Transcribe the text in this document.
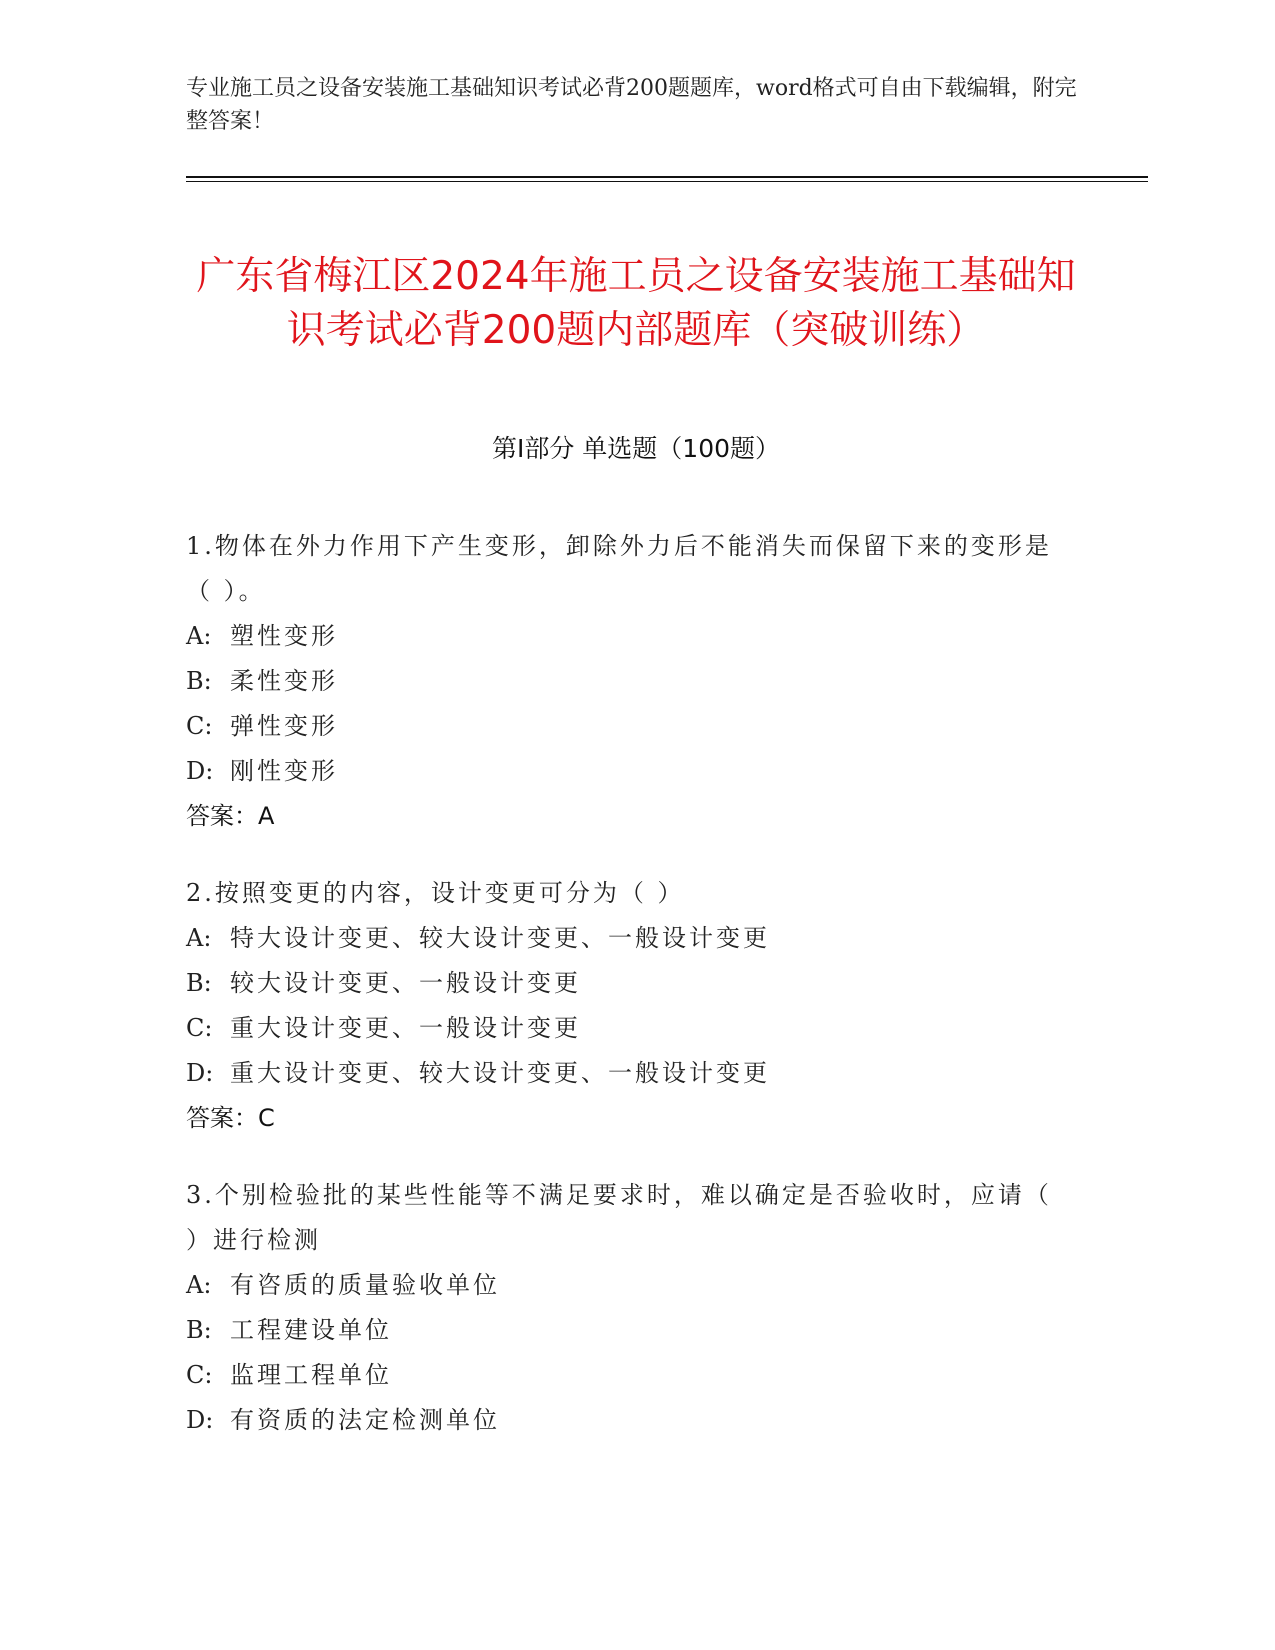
专业施工员之设备安装施工基础知识考试必背200题题库，word格式可自由下载编辑，附完整答案！
广东省梅江区2024年施工员之设备安装施工基础知识考试必背200题内部题库（突破训练）
第Ⅰ部分 单选题（100题）
1.物体在外力作用下产生变形，卸除外力后不能消失而保留下来的变形是（ ）。
A: 塑性变形
B: 柔性变形
C: 弹性变形
D: 刚性变形
答案：A
2.按照变更的内容，设计变更可分为（ ）
A: 特大设计变更、较大设计变更、一般设计变更
B: 较大设计变更、一般设计变更
C: 重大设计变更、一般设计变更
D: 重大设计变更、较大设计变更、一般设计变更
答案：C
3.个别检验批的某些性能等不满足要求时，难以确定是否验收时，应请（ ）进行检测
A: 有咨质的质量验收单位
B: 工程建设单位
C: 监理工程单位
D: 有资质的法定检测单位
